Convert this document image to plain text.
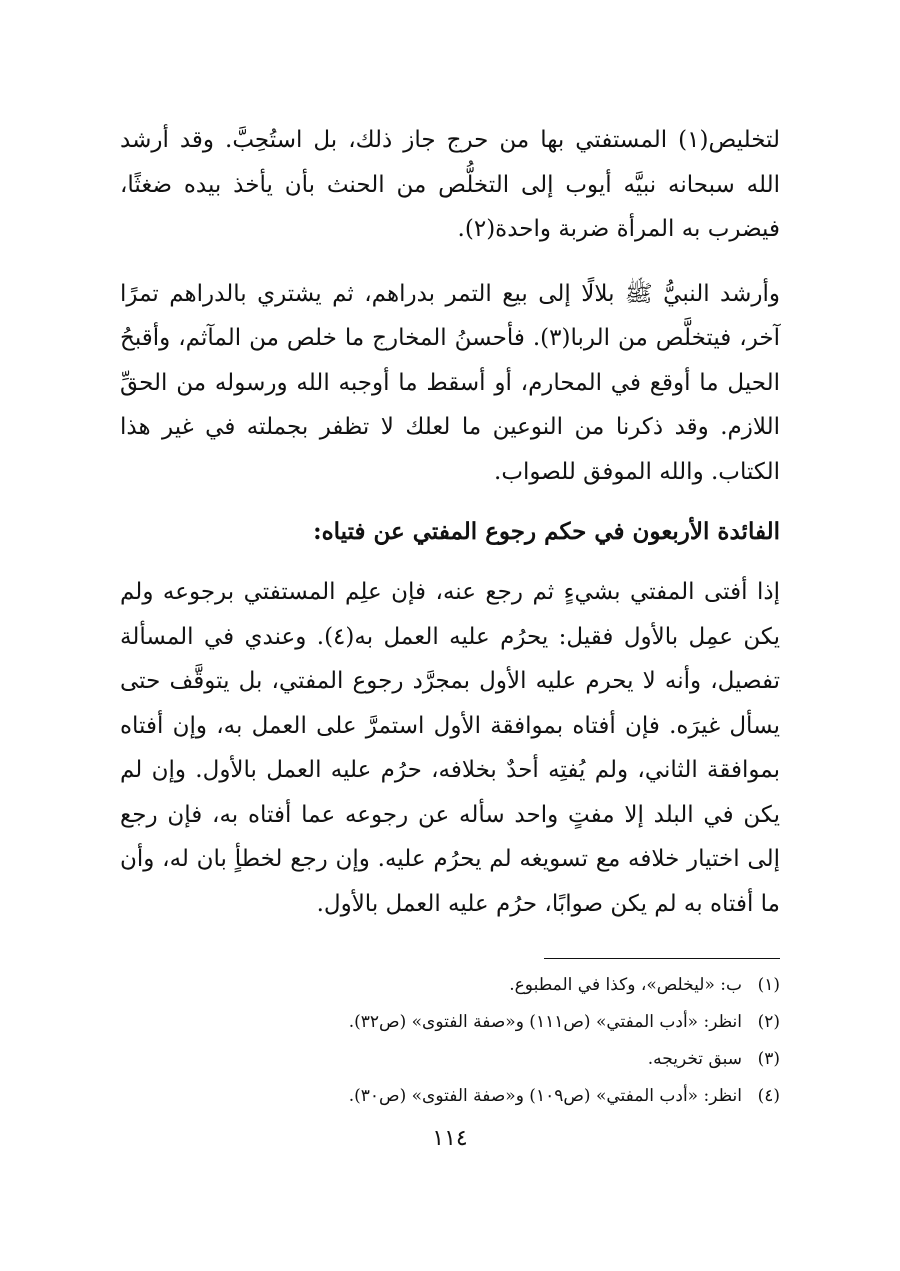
لتخليص(١) المستفتي بها من حرج جاز ذلك، بل استُحِبَّ. وقد أرشد الله سبحانه نبيَّه أيوب إلى التخلُّص من الحنث بأن يأخذ بيده ضغثًا، فيضرب به المرأة ضربة واحدة(٢).

وأرشد النبيُّ ﷺ بلالًا إلى بيع التمر بدراهم، ثم يشتري بالدراهم تمرًا آخر، فيتخلَّص من الربا(٣). فأحسنُ المخارج ما خلص من المآثم، وأقبحُ الحيل ما أوقع في المحارم، أو أسقط ما أوجبه الله ورسوله من الحقِّ اللازم. وقد ذكرنا من النوعين ما لعلك لا تظفر بجملته في غير هذا الكتاب. والله الموفق للصواب.

الفائدة الأربعون في حكم رجوع المفتي عن فتياه:

إذا أفتى المفتي بشيءٍ ثم رجع عنه، فإن علِم المستفتي برجوعه ولم يكن عمِل بالأول فقيل: يحرُم عليه العمل به(٤). وعندي في المسألة تفصيل، وأنه لا يحرم عليه الأول بمجرَّد رجوع المفتي، بل يتوقَّف حتى يسأل غيرَه. فإن أفتاه بموافقة الأول استمرَّ على العمل به، وإن أفتاه بموافقة الثاني، ولم يُفتِه أحدٌ بخلافه، حرُم عليه العمل بالأول. وإن لم يكن في البلد إلا مفتٍ واحد سأله عن رجوعه عما أفتاه به، فإن رجع إلى اختيار خلافه مع تسويغه لم يحرُم عليه. وإن رجع لخطأٍ بان له، وأن ما أفتاه به لم يكن صوابًا، حرُم عليه العمل بالأول.

(١)
ب: «ليخلص»، وكذا في المطبوع.
(٢)
انظر: «أدب المفتي» (ص١١١) و«صفة الفتوى» (ص٣٢).
(٣)
سبق تخريجه.
(٤)
انظر: «أدب المفتي» (ص١٠٩) و«صفة الفتوى» (ص٣٠).
١١٤
